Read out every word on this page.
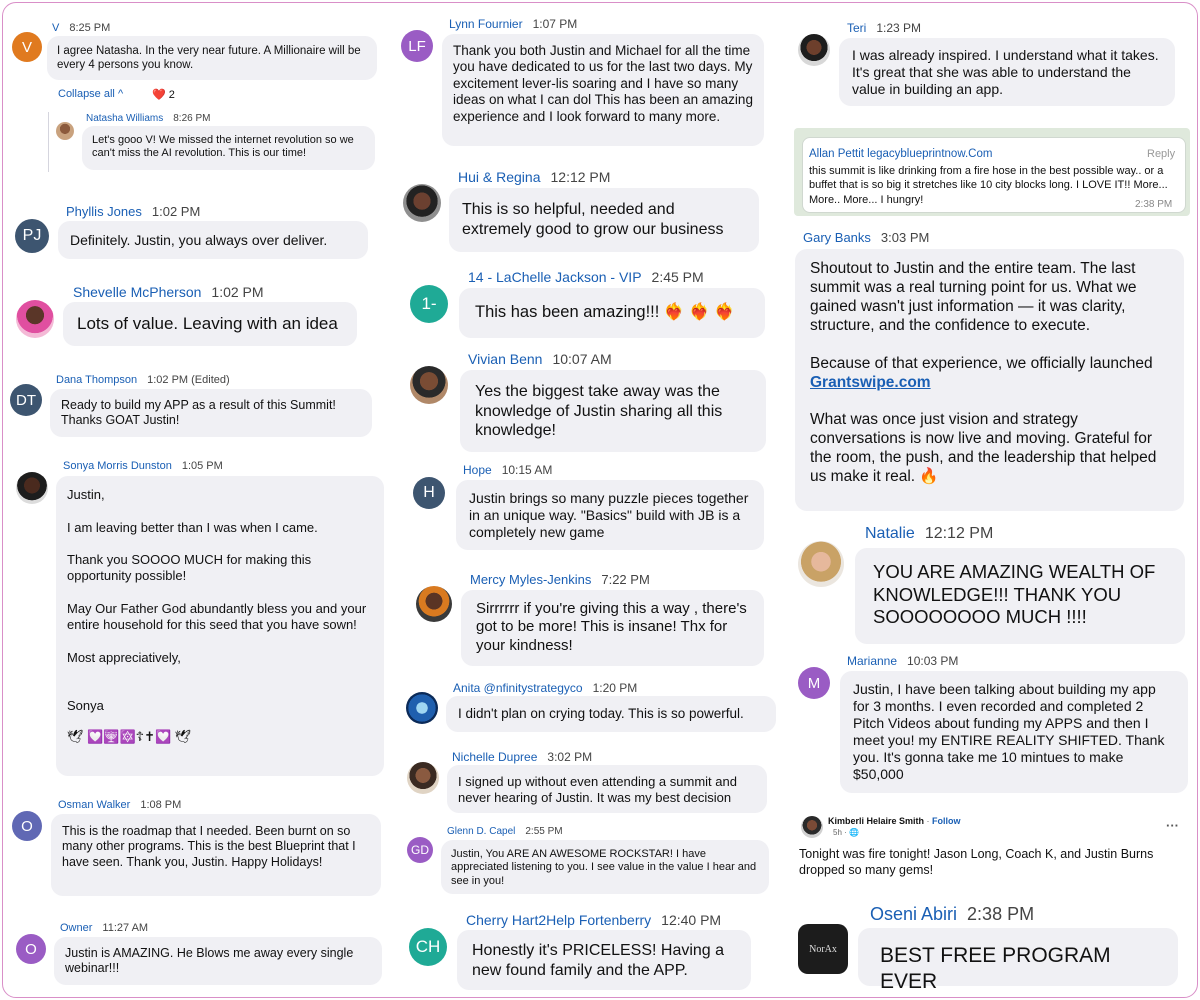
V
V 8:25 PM

I agree Natasha. In the very near future. A Millionaire will be every 4 persons you know.

Collapse all ^	❤️ 2
Natasha Williams 8:26 PM

Let's gooo V! We missed the internet revolution so we can't miss the AI revolution. This is our time!

PJ
Phyllis Jones 1:02 PM

Definitely. Justin, you always over deliver.

Shevelle McPherson 1:02 PM

Lots of value. Leaving with an idea

DT
Dana Thompson 1:02 PM (Edited)

Ready to build my APP as a result of this Summit!
Thanks GOAT Justin!

Sonya Morris Dunston 1:05 PM

Justin,

I am leaving better than I was when I came.

Thank you SOOOO MUCH for making this opportunity possible!

May Our Father God abundantly bless you and your entire household for this seed that you have sown!

Most appreciatively,

Sonya

🕊 💟🕎🔯☦✝💟 🕊

O
Osman Walker 1:08 PM

This is the roadmap that I needed. Been burnt on so many other programs. This is the best Blueprint that I have seen. Thank you, Justin. Happy Holidays!

O
Owner 11:27 AM

Justin is AMAZING. He Blows me away every single webinar!!!

LF
Lynn Fournier 1:07 PM

Thank you both Justin and Michael for all the time you have dedicated to us for the last two days. My excitement lever-lis soaring and I have so many ideas on what I can dol This has been an amazing experience and I look forward to many more.

Hui & Regina 12:12 PM

This is so helpful, needed and extremely good to grow our business

1-
14 - LaChelle Jackson - VIP 2:45 PM

This has been amazing!!! ❤️‍🔥 ❤️‍🔥 ❤️‍🔥

Vivian Benn 10:07 AM

Yes the biggest take away was the knowledge of Justin sharing all this knowledge!

H
Hope 10:15 AM

Justin brings so many puzzle pieces together in an unique way. "Basics" build with JB is a completely new game

Mercy Myles-Jenkins 7:22 PM

Sirrrrrr if you're giving this a way , there's got to be more! This is insane! Thx for your kindness!

Anita @nfinitystrategyco 1:20 PM

I didn't plan on crying today. This is so powerful.

Nichelle Dupree 3:02 PM

I signed up without even attending a summit and never hearing of Justin. It was my best decision

GD
Glenn D. Capel 2:55 PM

Justin, You ARE AN AWESOME ROCKSTAR! I have appreciated listening to you. I see value in the value I hear and see in you!

CH
Cherry Hart2Help Fortenberry 12:40 PM

Honestly it's PRICELESS! Having a new found family and the APP.

Teri 1:23 PM

I was already inspired. I understand what it takes. It's great that she was able to understand the value in building an app.

Allan Pettit legacyblueprintnow.Com	Reply

this summit is like drinking from a fire hose in the best possible way.. or a buffet that is so big it stretches like 10 city blocks long. I LOVE IT!! More... More.. More... I hungry!	2:38 PM
Gary Banks 3:03 PM

Shoutout to Justin and the entire team. The last summit was a real turning point for us. What we gained wasn't just information — it was clarity, structure, and the confidence to execute.

Because of that experience, we officially launched Grantswipe.com

What was once just vision and strategy conversations is now live and moving. Grateful for the room, the push, and the leadership that helped us make it real. 🔥

Natalie 12:12 PM

YOU ARE AMAZING WEALTH OF KNOWLEDGE!!! THANK YOU SOOOOOOOO MUCH !!!!

M
Marianne 10:03 PM

Justin, I have been talking about building my app for 3 months. I even recorded and completed 2 Pitch Videos about funding my APPS and then I meet you! my ENTIRE REALITY SHIFTED. Thank you. It's gonna take me 10 mintues to make $50,000

Kimberli Helaire Smith · Follow
5h · 🌐	···

Tonight was fire tonight! Jason Long, Coach K, and Justin Burns dropped so many gems!

NorAx
Oseni Abiri 2:38 PM

BEST FREE PROGRAM EVER
